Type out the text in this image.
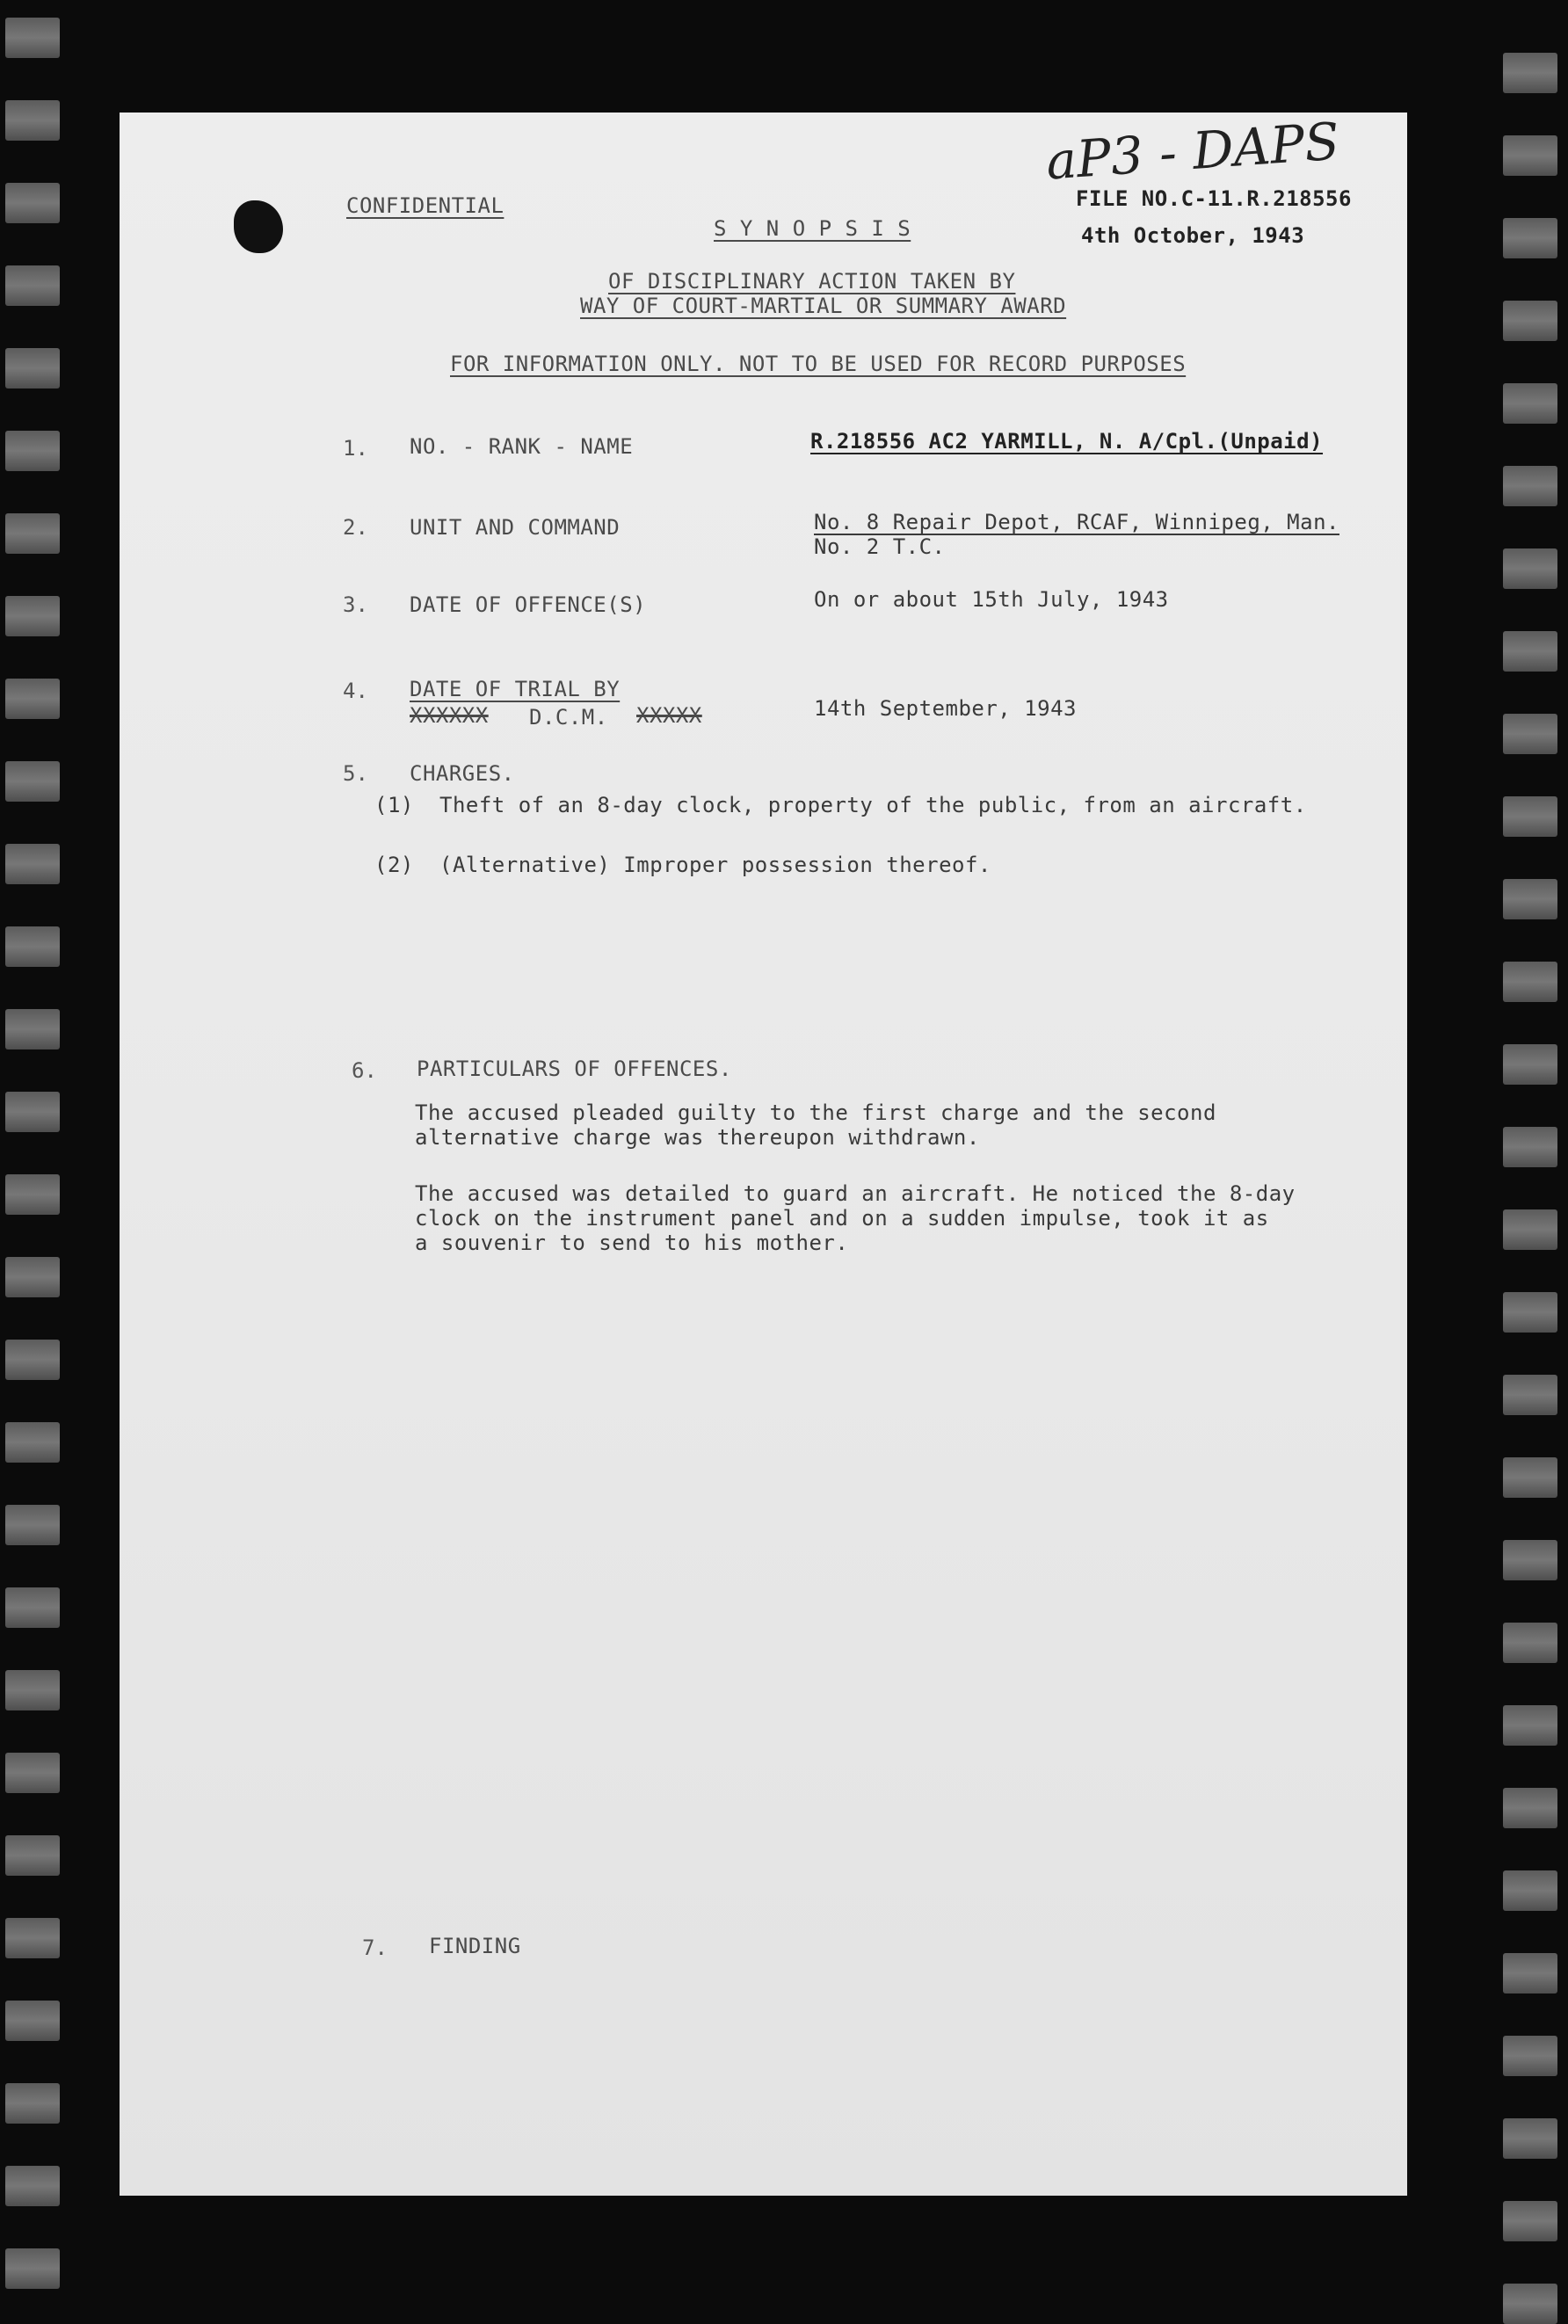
aP3 - DAPS
CONFIDENTIAL	FILE NO.C-11.R.218556
4th October, 1943
S Y N O P S I S
OF DISCIPLINARY ACTION TAKEN BY
WAY OF COURT-MARTIAL OR SUMMARY AWARD
FOR INFORMATION ONLY. NOT TO BE USED FOR RECORD PURPOSES
1. NO. - RANK - NAME	R.218556 AC2 YARMILL, N. A/Cpl.(Unpaid)
2. UNIT AND COMMAND	No. 8 Repair Depot, RCAF, Winnipeg, Man.
No. 2 T.C.
3. DATE OF OFFENCE(S)	On or about 15th July, 1943
4. DATE OF TRIAL BY
XXXXXX D.C.M. XXXXX	14th September, 1943
5. CHARGES.
(1) Theft of an 8-day clock, property of the public, from an aircraft.
(2) (Alternative) Improper possession thereof.
6. PARTICULARS OF OFFENCES.
The accused pleaded guilty to the first charge and the second
alternative charge was thereupon withdrawn.
The accused was detailed to guard an aircraft. He noticed the 8-day
clock on the instrument panel and on a sudden impulse, took it as
a souvenir to send to his mother.
7. FINDING
